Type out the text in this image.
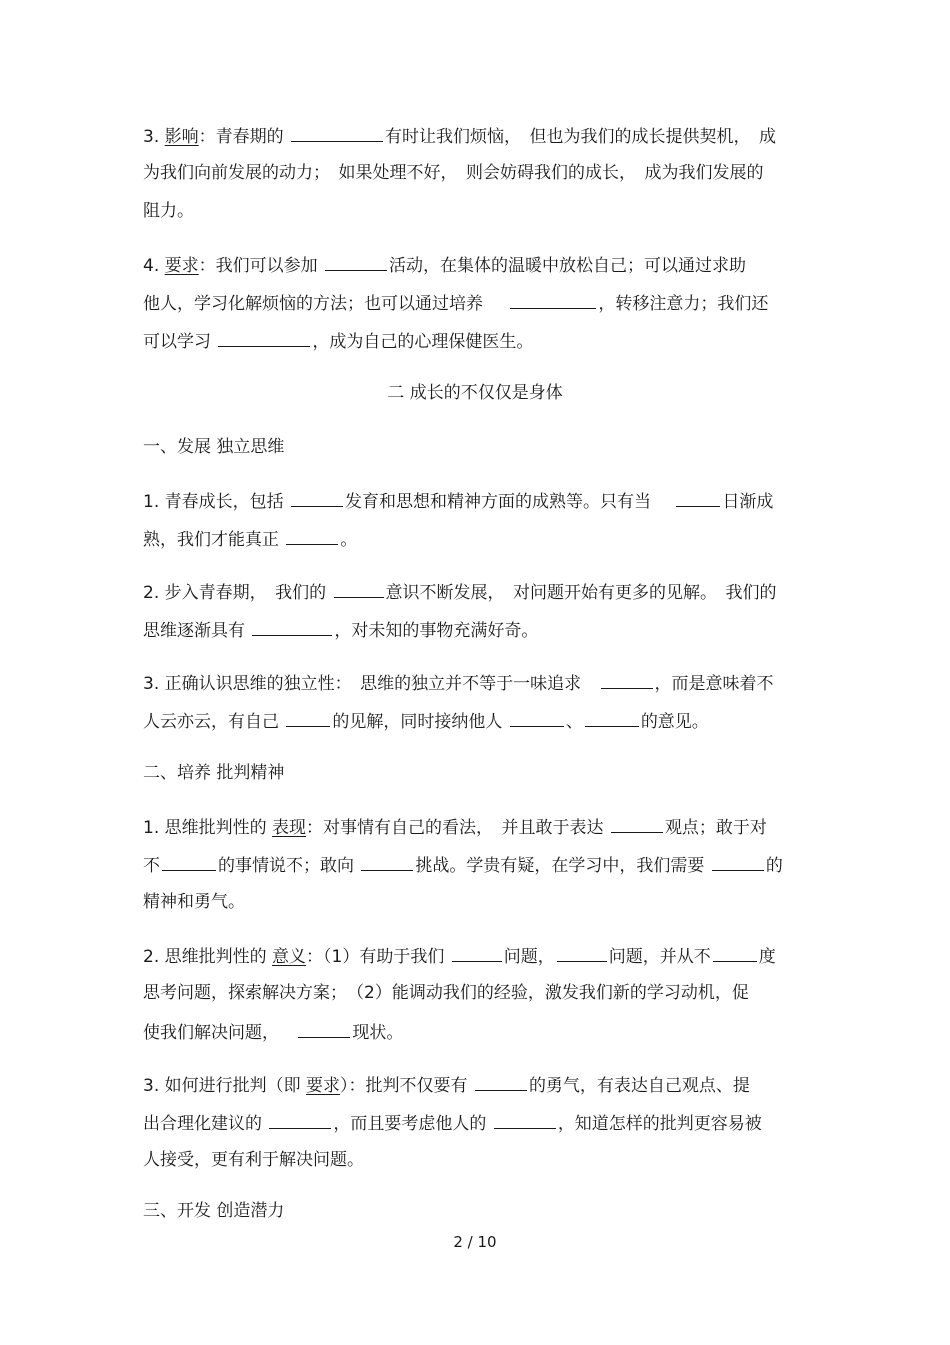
3. 影响：青春期的	有时让我们烦恼，　但也为我们的成长提供契机，　成
为我们向前发展的动力；　如果处理不好，　则会妨碍我们的成长，　成为我们发展的
阻力。
4. 要求：我们可以参加	活动，在集体的温暖中放松自己；可以通过求助
他人，学习化解烦恼的方法；也可以通过培养	，转移注意力；我们还
可以学习	，成为自己的心理保健医生。
二 成长的不仅仅是身体
一、发展 独立思维
1. 青春成长，包括	发育和思想和精神方面的成熟等。只有当	日渐成
熟，我们才能真正	。
2. 步入青春期，　我们的	意识不断发展，　对问题开始有更多的见解。　我们的
思维逐渐具有	，对未知的事物充满好奇。
3. 正确认识思维的独立性：　思维的独立并不等于一味追求	，而是意味着不
人云亦云，有自己	的见解，同时接纳他人	、	的意见。
二、培养 批判精神
1. 思维批判性的 表现：对事情有自己的看法，　并且敢于表达	观点；敢于对
不	的事情说不；敢向	挑战。学贵有疑，在学习中，我们需要	的
精神和勇气。
2. 思维批判性的 意义：（1）有助于我们	问题，	问题，并从不	度
思考问题，探索解决方案；　（2）能调动我们的经验，激发我们新的学习动机，促
使我们解决问题，	现状。
3. 如何进行批判（即 要求）：批判不仅要有	的勇气，有表达自己观点、提
出合理化建议的	，而且要考虑他人的	，知道怎样的批判更容易被
人接受，更有利于解决问题。
三、开发 创造潜力
2 / 10
